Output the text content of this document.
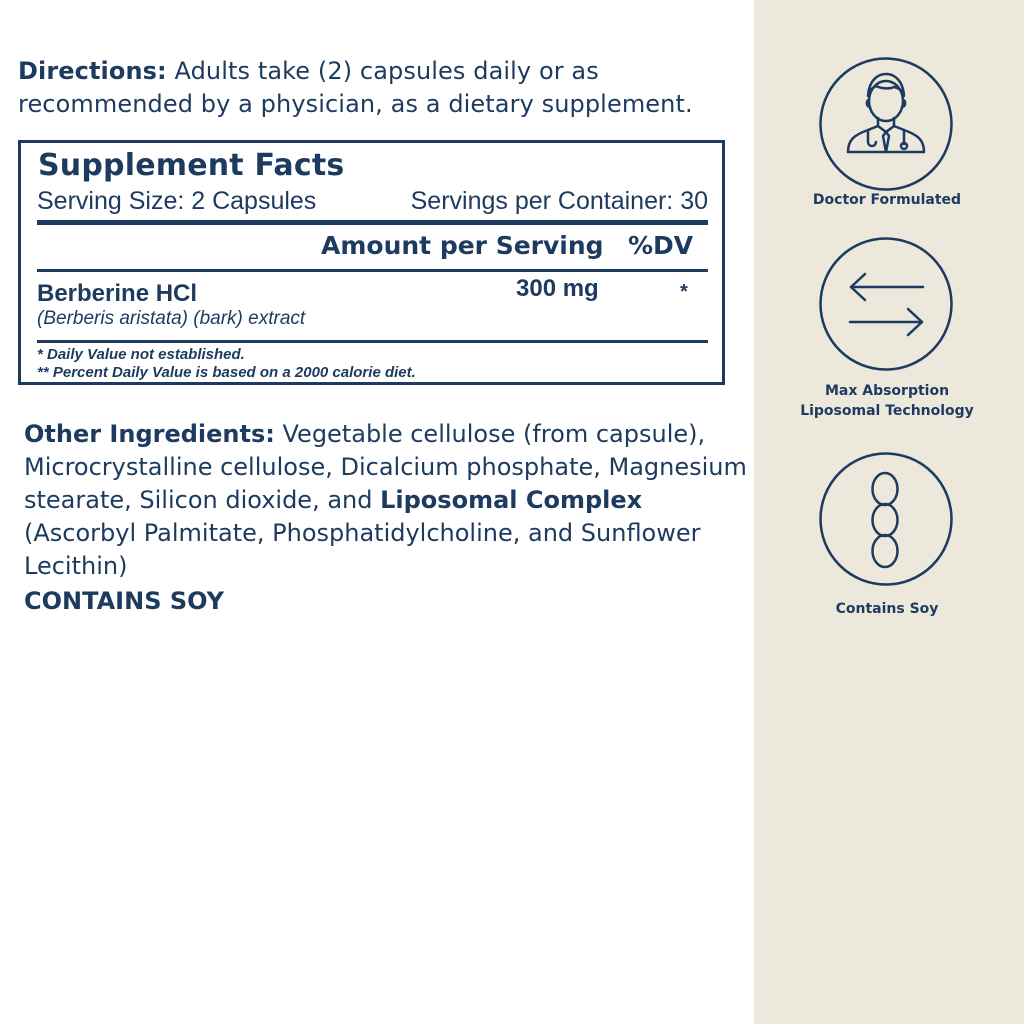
Directions: Adults take (2) capsules daily or as recommended by a physician, as a dietary supplement.
Supplement Facts
Serving Size: 2 Capsules	Servings per Container: 30
Amount per Serving %DV
Berberine HCl
(Berberis aristata) (bark) extract
300 mg	*
* Daily Value not established.
** Percent Daily Value is based on a 2000 calorie diet.
Other Ingredients: Vegetable cellulose (from capsule), Microcrystalline cellulose, Dicalcium phosphate, Magnesium stearate, Silicon dioxide, and Liposomal Complex (Ascorbyl Palmitate, Phosphatidylcholine, and Sunflower Lecithin)
CONTAINS SOY
Doctor Formulated
Max Absorption
Liposomal Technology
Contains Soy
